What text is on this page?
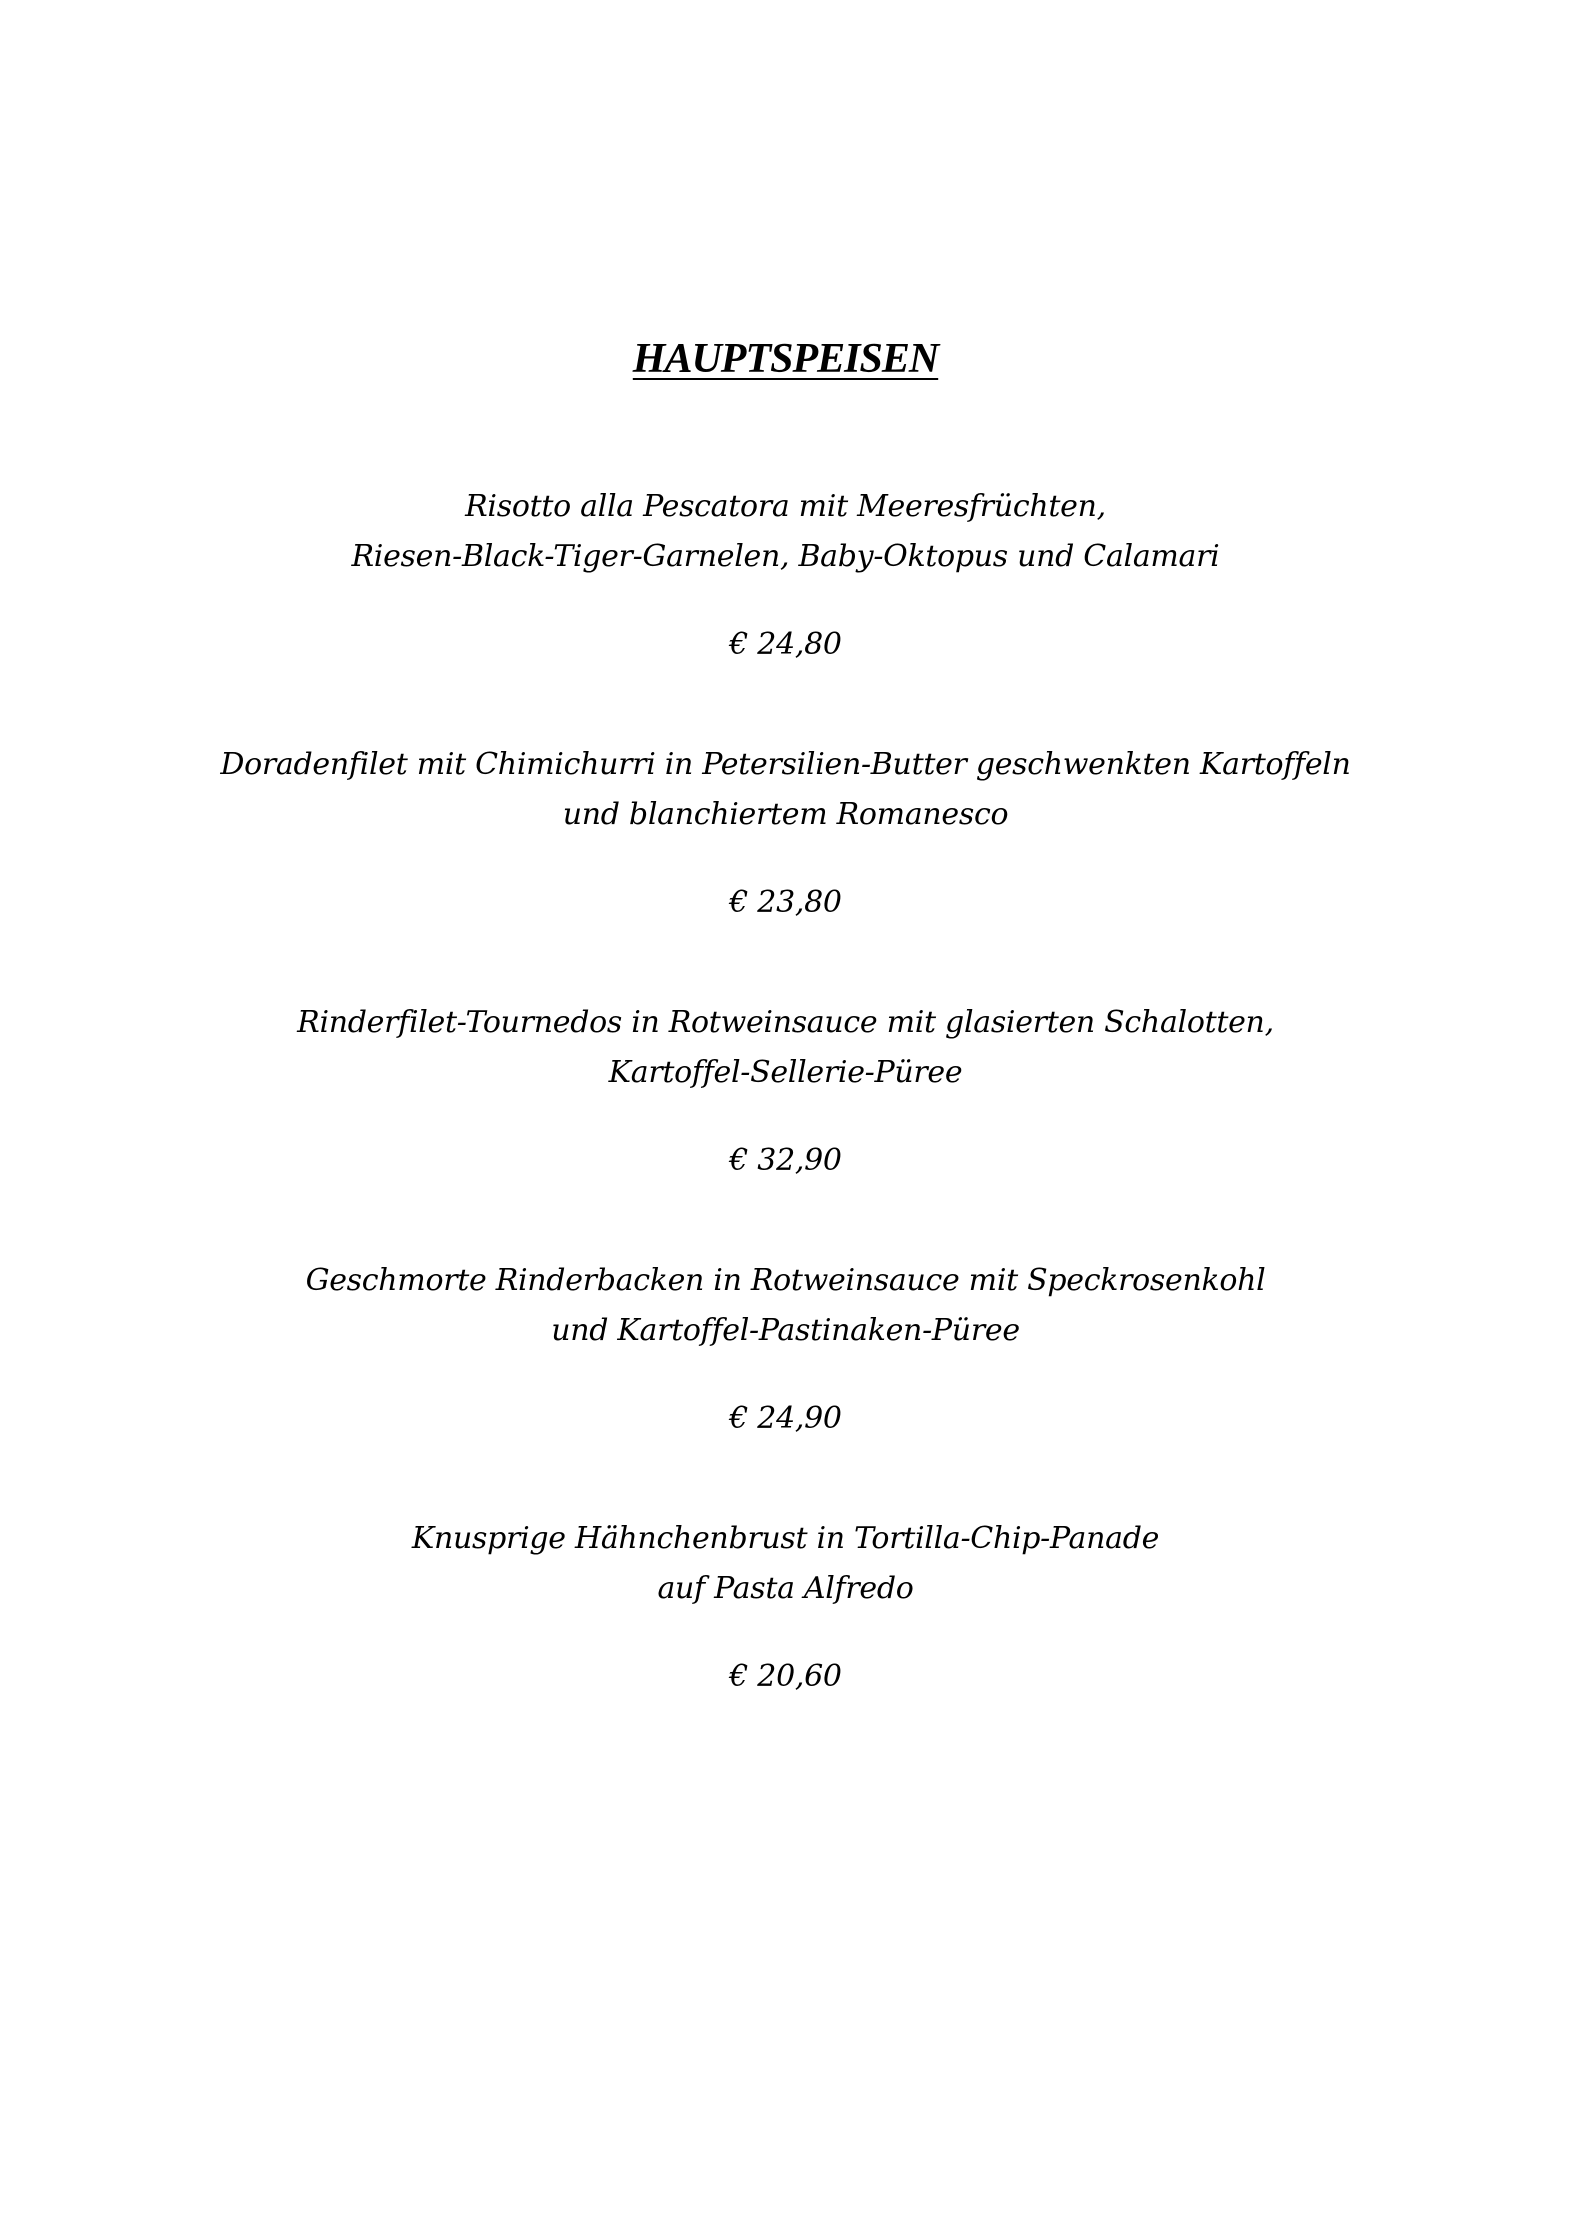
HAUPTSPEISEN
Risotto alla Pescatora mit Meeresfrüchten,
Riesen-Black-Tiger-Garnelen, Baby-Oktopus und Calamari
€ 24,80
Doradenfilet mit Chimichurri in Petersilien-Butter geschwenkten Kartoffeln
und blanchiertem Romanesco
€ 23,80
Rinderfilet-Tournedos in Rotweinsauce mit glasierten Schalotten,
Kartoffel-Sellerie-Püree
€ 32,90
Geschmorte Rinderbacken in Rotweinsauce mit Speckrosenkohl
und Kartoffel-Pastinaken-Püree
€ 24,90
Knusprige Hähnchenbrust in Tortilla-Chip-Panade
auf Pasta Alfredo
€ 20,60
